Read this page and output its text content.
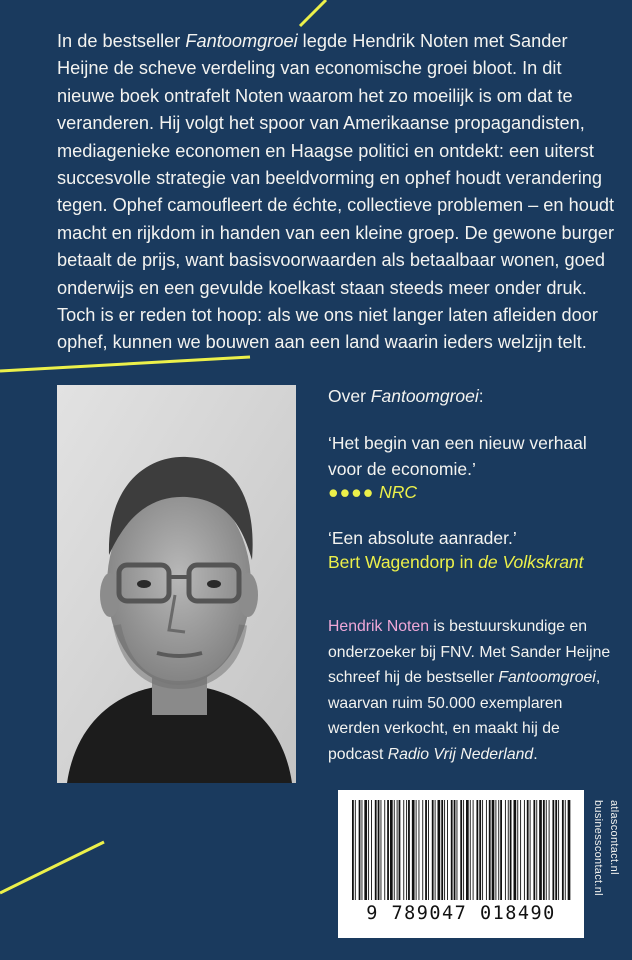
In de bestseller Fantoomgroei legde Hendrik Noten met Sander Heijne de scheve verdeling van economische groei bloot. In dit nieuwe boek ontrafelt Noten waarom het zo moeilijk is om dat te veranderen. Hij volgt het spoor van Amerikaanse propagandisten, mediagenieke economen en Haagse politici en ontdekt: een uiterst succesvolle strategie van beeldvorming en ophef houdt verandering tegen. Ophef camoufleert de échte, collectieve problemen – en houdt macht en rijkdom in handen van een kleine groep. De gewone burger betaalt de prijs, want basisvoorwaarden als betaalbaar wonen, goed onderwijs en een gevulde koelkast staan steeds meer onder druk. Toch is er reden tot hoop: als we ons niet langer laten afleiden door ophef, kunnen we bouwen aan een land waarin ieders welzijn telt.

Over Fantoomgroei:
‘Het begin van een nieuw verhaal voor de economie.’
●●●● NRC
‘Een absolute aanrader.’
Bert Wagendorp in de Volkskrant

Hendrik Noten is bestuurskundige en onderzoeker bij FNV. Met Sander Heijne schreef hij de bestseller Fantoomgroei, waarvan ruim 50.000 exemplaren werden verkocht, en maakt hij de podcast Radio Vrij Nederland.

9 789047 018490
atlascontact.nl
businesscontact.nl
